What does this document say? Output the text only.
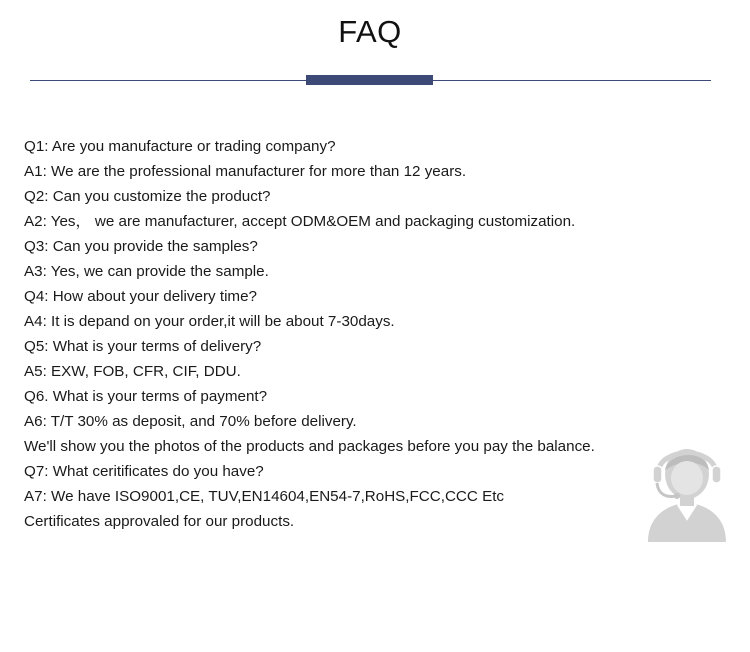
FAQ
Q1: Are you manufacture or trading company?
A1: We are the professional manufacturer for more than 12 years.
Q2: Can you customize the product?
A2: Yes， we are manufacturer, accept ODM&OEM and packaging customization.
Q3: Can you provide the samples?
A3: Yes, we can provide the sample.
Q4: How about your delivery time?
A4: It is depand on your order,it will be about 7-30days.
Q5: What is your terms of delivery?
A5: EXW, FOB, CFR, CIF, DDU.
Q6. What is your terms of payment?
A6: T/T 30% as deposit, and 70% before delivery.
We'll show you the photos of the products and packages before you pay the balance.
Q7: What ceritificates do you have?
A7: We have ISO9001,CE, TUV,EN14604,EN54-7,RoHS,FCC,CCC Etc
Certificates approvaled for our products.
